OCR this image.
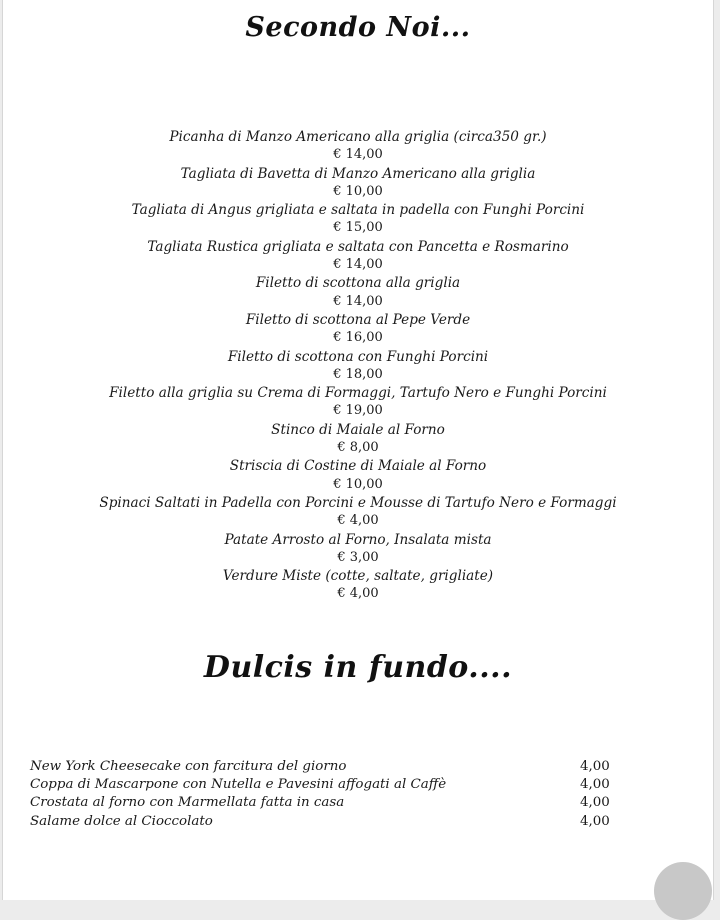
Secondo Noi...
Picanha di Manzo Americano alla griglia (circa350 gr.)
€ 14,00
Tagliata di Bavetta di Manzo Americano alla griglia
€ 10,00
Tagliata di Angus grigliata e saltata in padella con Funghi Porcini
€ 15,00
Tagliata Rustica grigliata e saltata con Pancetta e Rosmarino
€ 14,00
Filetto di scottona alla griglia
€ 14,00
Filetto di scottona al Pepe Verde
€ 16,00
Filetto di scottona con Funghi Porcini
€ 18,00
Filetto alla griglia su Crema di Formaggi, Tartufo Nero e Funghi Porcini
€ 19,00
Stinco di Maiale al Forno
€ 8,00
Striscia di Costine di Maiale al Forno
€ 10,00
Spinaci Saltati in Padella con Porcini e Mousse di Tartufo Nero e Formaggi
€ 4,00
Patate Arrosto al Forno, Insalata mista
€ 3,00
Verdure Miste (cotte, saltate, grigliate)
€ 4,00
Dulcis in fundo....
New York Cheesecake con farcitura del giorno	4,00
Coppa di Mascarpone con Nutella e Pavesini affogati al Caffè	4,00
Crostata al forno con Marmellata fatta in casa	4,00
Salame dolce al Cioccolato	4,00
